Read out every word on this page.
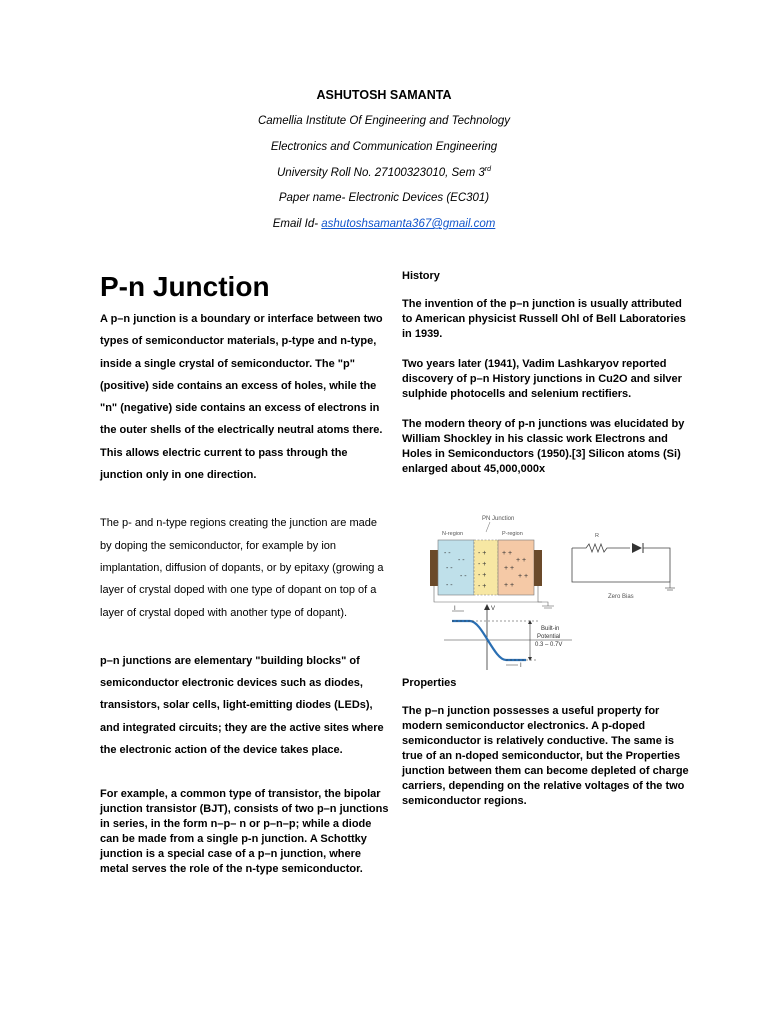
ASHUTOSH SAMANTA
Camellia Institute Of Engineering and Technology
Electronics and Communication Engineering
University Roll No. 27100323010, Sem 3rd
Paper name- Electronic Devices (EC301)
Email Id- ashutoshsamanta367@gmail.com
P-n Junction

A p–n junction is a boundary or interface between two types of semiconductor materials, p-type and n-type, inside a single crystal of semiconductor. The "p" (positive) side contains an excess of holes, while the "n" (negative) side contains an excess of electrons in the outer shells of the electrically neutral atoms there. This allows electric current to pass through the junction only in one direction.

The p- and n-type regions creating the junction are made by doping the semiconductor, for example by ion implantation, diffusion of dopants, or by epitaxy (growing a layer of crystal doped with one type of dopant on top of a layer of crystal doped with another type of dopant).

p–n junctions are elementary "building blocks" of semiconductor electronic devices such as diodes, transistors, solar cells, light-emitting diodes (LEDs), and integrated circuits; they are the active sites where the electronic action of the device takes place.

For example, a common type of transistor, the bipolar junction transistor (BJT), consists of two p–n junctions in series, in the form n–p– n or p–n–p; while a diode can be made from a single p-n junction. A Schottky junction is a special case of a p–n junction, where metal serves the role of the n-type semiconductor.

History

The invention of the p–n junction is usually attributed to American physicist Russell Ohl of Bell Laboratories in 1939.

Two years later (1941), Vadim Lashkaryov reported discovery of p–n History junctions in Cu2O and silver sulphide photocells and selenium rectifiers.

The modern theory of p-n junctions was elucidated by William Shockley in his classic work Electrons and Holes in Semiconductors (1950).[3] Silicon atoms (Si) enlarged about 45,000,000x

PN Junction
N-region	P-region
- -
- -
- -
- -
- -
- +
- +
- +
- +
+ +
+ +
+ +
+ +
+ +
R
Zero Bias
I	V
Built-in
Potential
0.3 – 0.7V
I
Properties

The p–n junction possesses a useful property for modern semiconductor electronics. A p-doped semiconductor is relatively conductive. The same is true of an n-doped semiconductor, but the Properties junction between them can become depleted of charge carriers, depending on the relative voltages of the two semiconductor regions.
